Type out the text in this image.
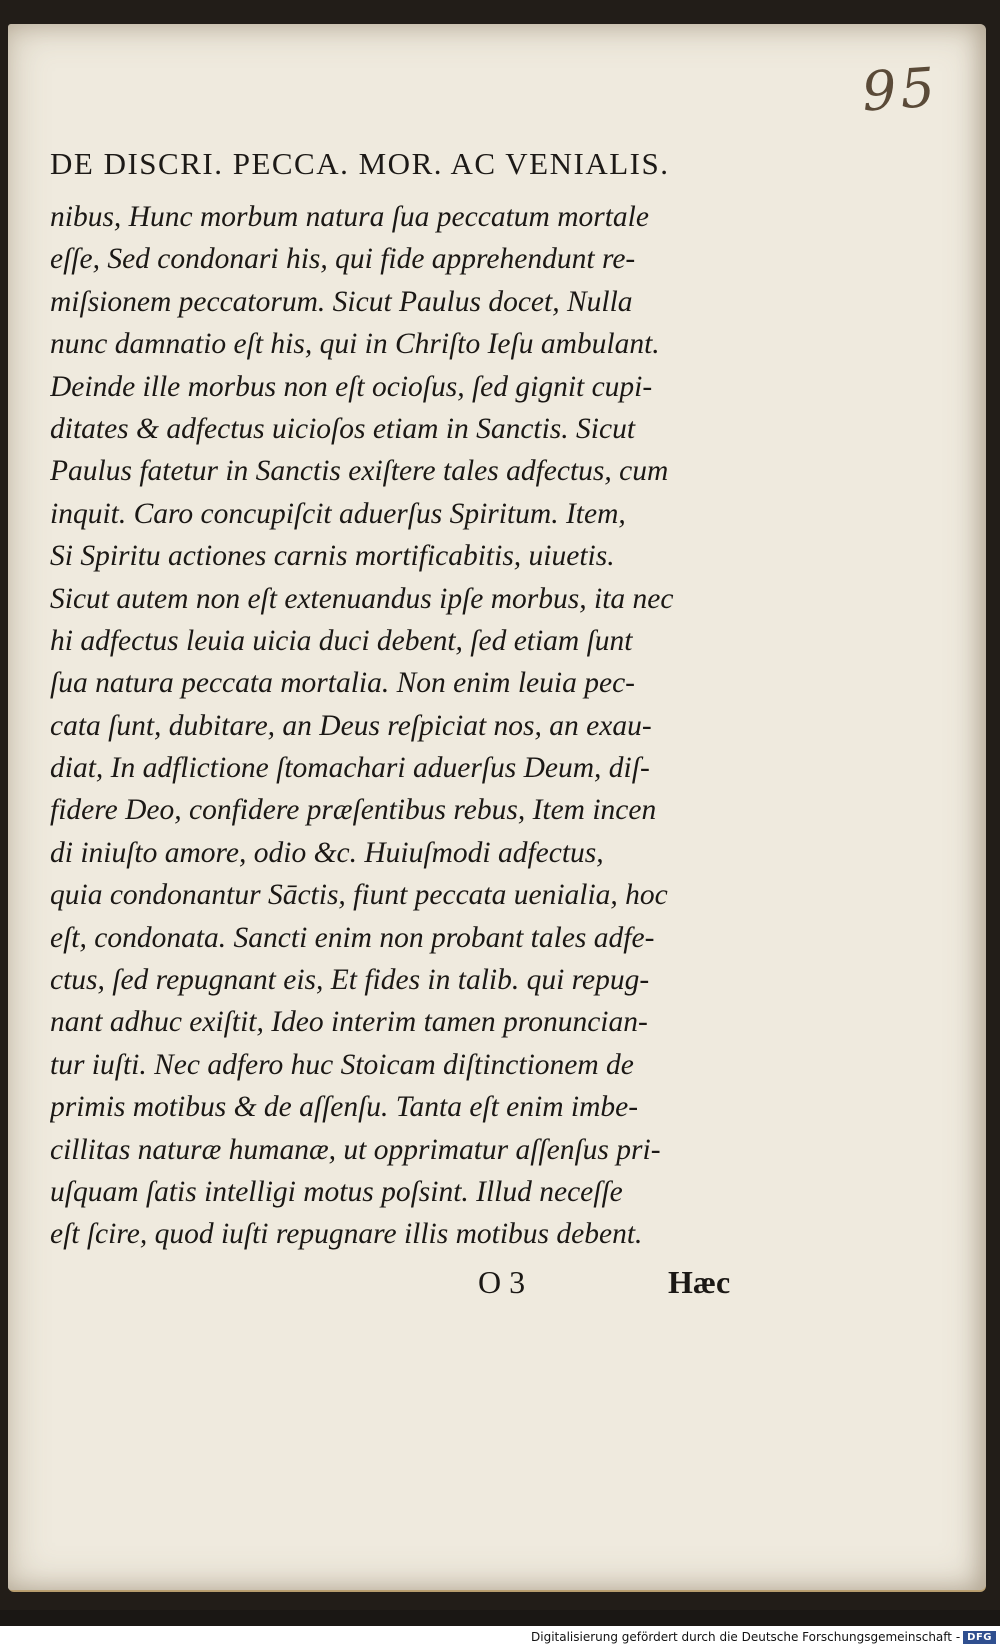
95
DE DISCRI. PECCA. MOR. AC VENIALIS.
nibus, Hunc morbum natura ſua peccatum mortale
eſſe, Sed condonari his, qui fide apprehendunt re-
miſsionem peccatorum. Sicut Paulus docet, Nulla
nunc damnatio eſt his, qui in Chriſto Ieſu ambulant.
Deinde ille morbus non eſt ocioſus, ſed gignit cupi-
ditates & adfectus uicioſos etiam in Sanctis. Sicut
Paulus fatetur in Sanctis exiſtere tales adfectus, cum
inquit. Caro concupiſcit aduerſus Spiritum. Item,
Si Spiritu actiones carnis mortificabitis, uiuetis.
Sicut autem non eſt extenuandus ipſe morbus, ita nec
hi adfectus leuia uicia duci debent, ſed etiam ſunt
ſua natura peccata mortalia. Non enim leuia pec-
cata ſunt, dubitare, an Deus reſpiciat nos, an exau-
diat, In adflictione ſtomachari aduerſus Deum, diſ-
fidere Deo, confidere præſentibus rebus, Item incen
di iniuſto amore, odio &c. Huiuſmodi adfectus,
quia condonantur Sāctis, fiunt peccata uenialia, hoc
eſt, condonata. Sancti enim non probant tales adfe-
ctus, ſed repugnant eis, Et fides in talib. qui repug-
nant adhuc exiſtit, Ideo interim tamen pronuncian-
tur iuſti. Nec adfero huc Stoicam diſtinctionem de
primis motibus & de aſſenſu. Tanta eſt enim imbe-
cillitas naturæ humanæ, ut opprimatur aſſenſus pri-
uſquam ſatis intelligi motus poſsint. Illud neceſſe
eſt ſcire, quod iuſti repugnare illis motibus debent.
O 3	Hæc
Digitalisierung gefördert durch die Deutsche Forschungsgemeinschaft - DFG
